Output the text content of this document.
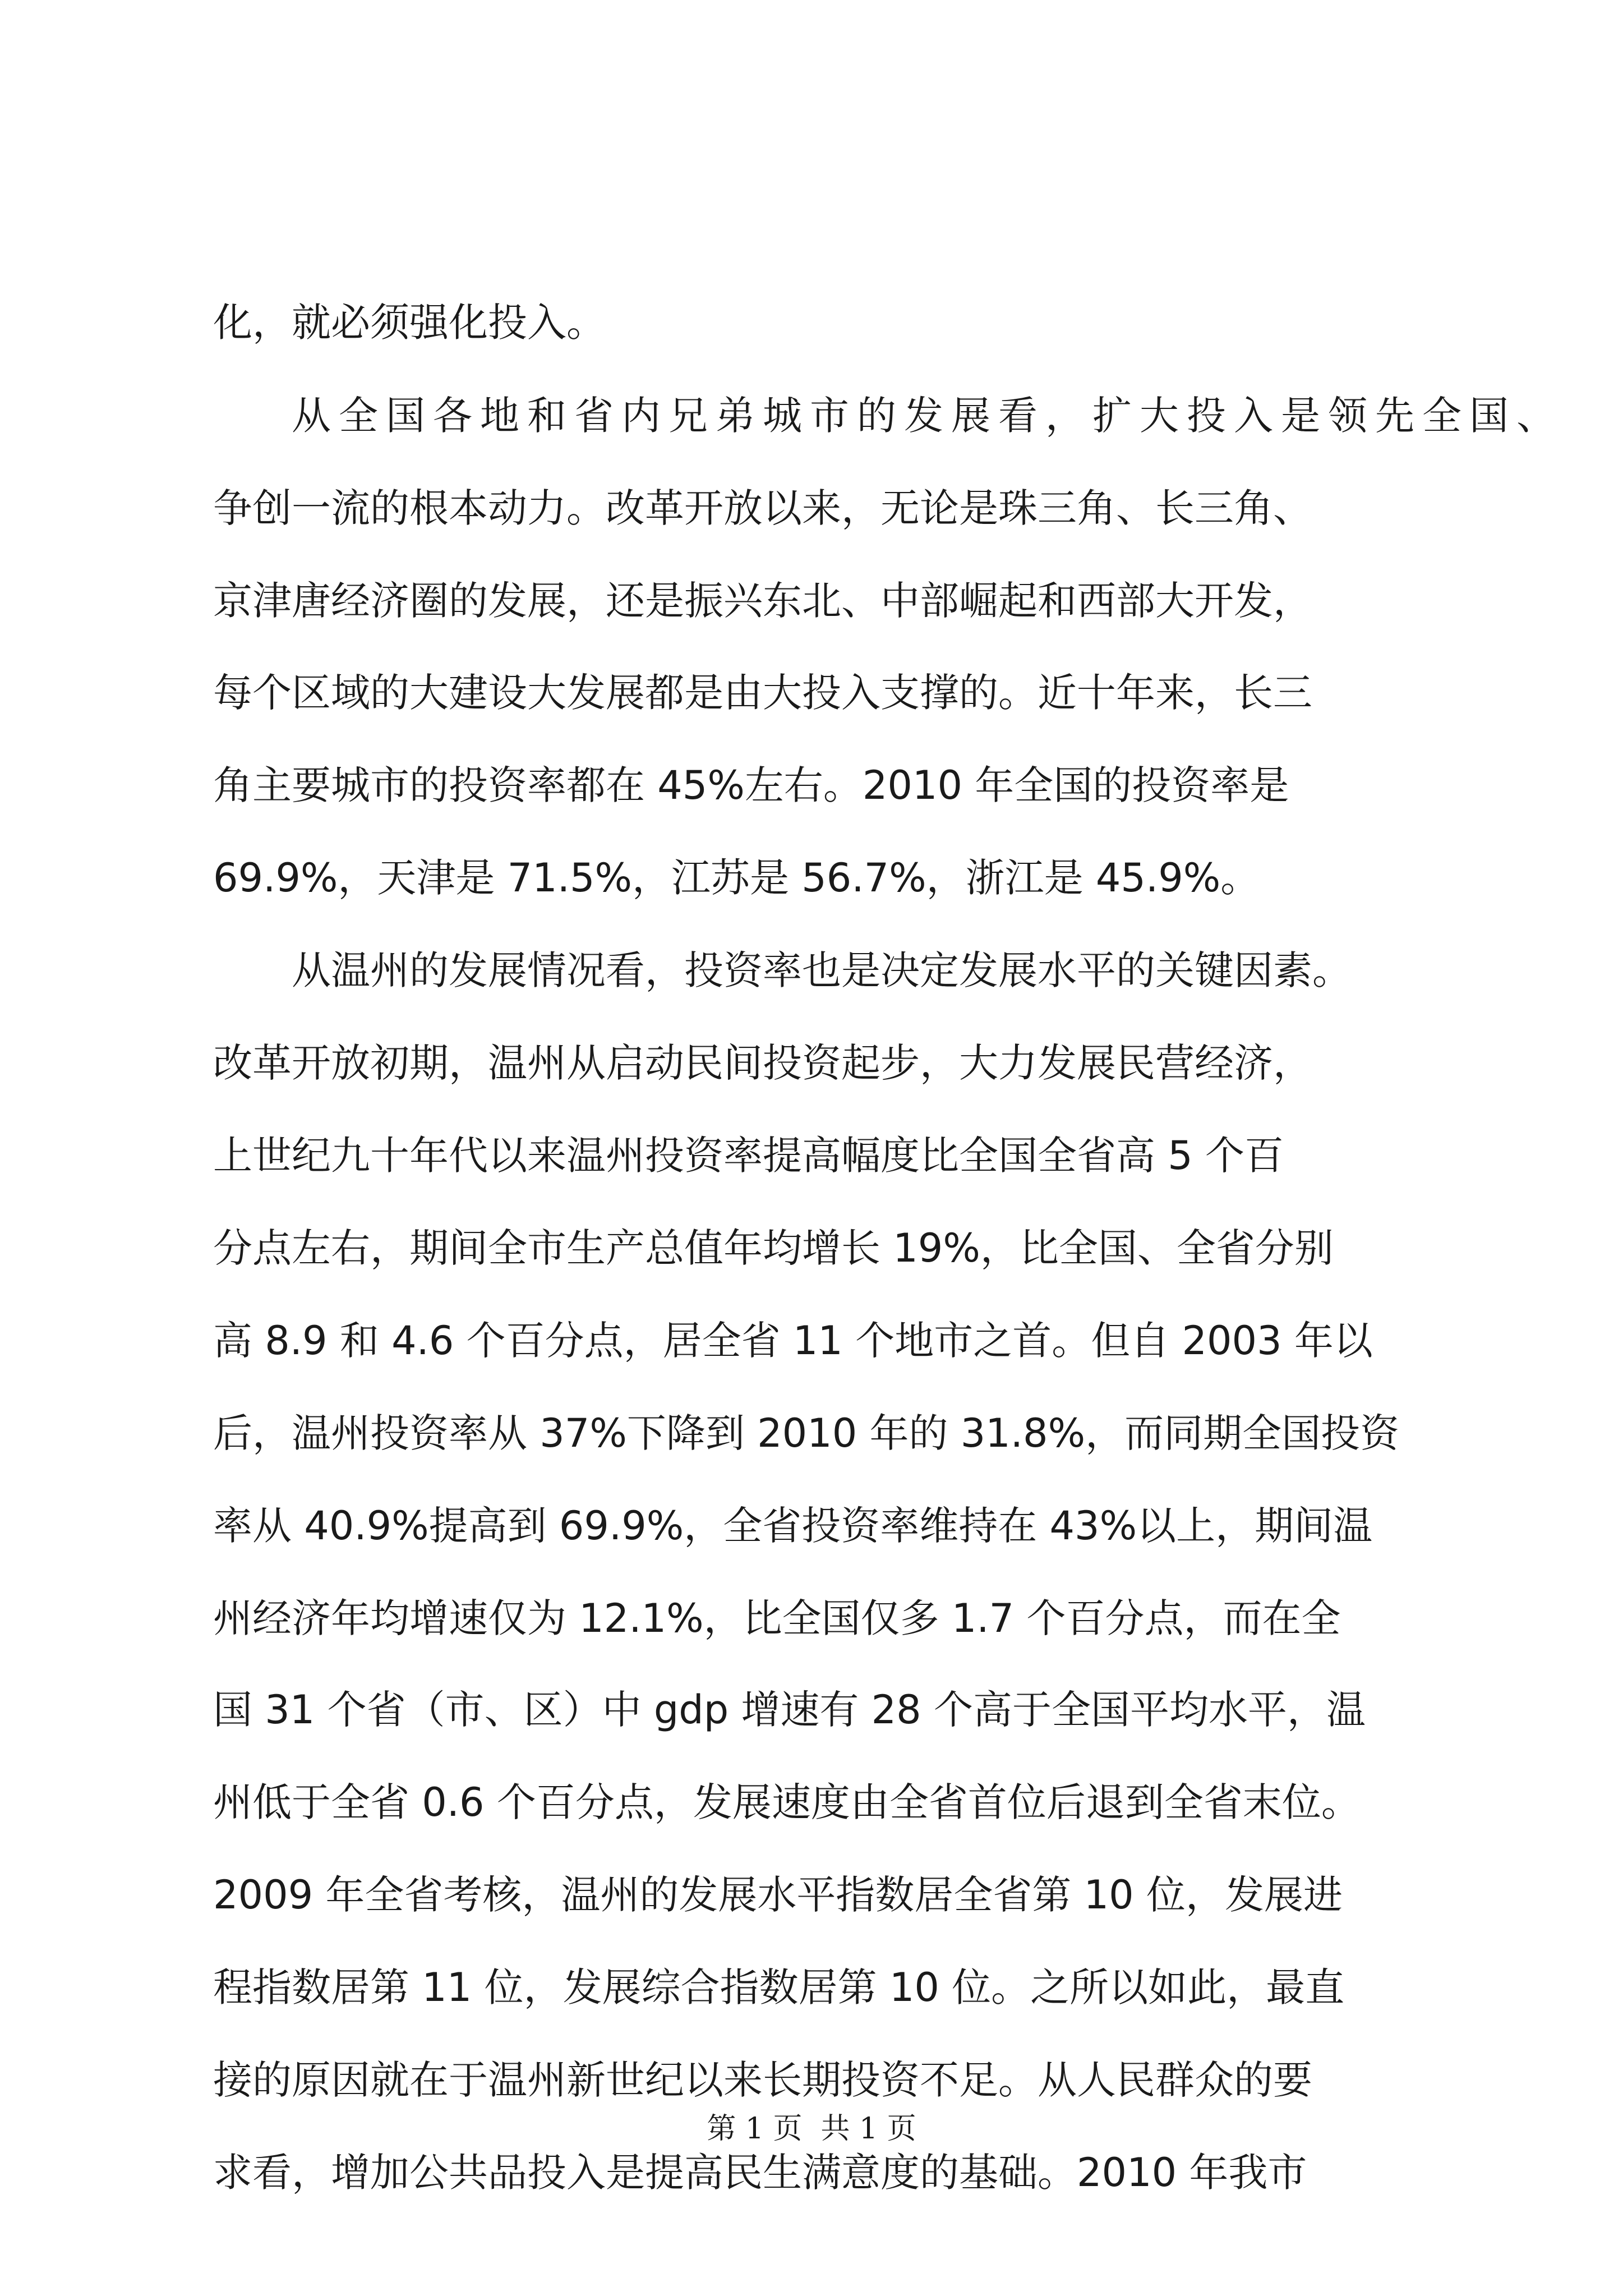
化，就必须强化投入。
从全国各地和省内兄弟城市的发展看，扩大投入是领先全国、
争创一流的根本动力。改革开放以来，无论是珠三角、长三角、
京津唐经济圈的发展，还是振兴东北、中部崛起和西部大开发，
每个区域的大建设大发展都是由大投入支撑的。近十年来，长三
角主要城市的投资率都在 45%左右。2010 年全国的投资率是
69.9%，天津是 71.5%，江苏是 56.7%，浙江是 45.9%。
从温州的发展情况看，投资率也是决定发展水平的关键因素。
改革开放初期，温州从启动民间投资起步，大力发展民营经济，
上世纪九十年代以来温州投资率提高幅度比全国全省高 5 个百
分点左右，期间全市生产总值年均增长 19%，比全国、全省分别
高 8.9 和 4.6 个百分点，居全省 11 个地市之首。但自 2003 年以
后，温州投资率从 37%下降到 2010 年的 31.8%，而同期全国投资
率从 40.9%提高到 69.9%，全省投资率维持在 43%以上，期间温
州经济年均增速仅为 12.1%，比全国仅多 1.7 个百分点，而在全
国 31 个省（市、区）中 gdp 增速有 28 个高于全国平均水平，温
州低于全省 0.6 个百分点，发展速度由全省首位后退到全省末位。
2009 年全省考核，温州的发展水平指数居全省第 10 位，发展进
程指数居第 11 位，发展综合指数居第 10 位。之所以如此，最直
接的原因就在于温州新世纪以来长期投资不足。从人民群众的要
求看，增加公共品投入是提高民生满意度的基础。2010 年我市
第 1 页  共 1 页
